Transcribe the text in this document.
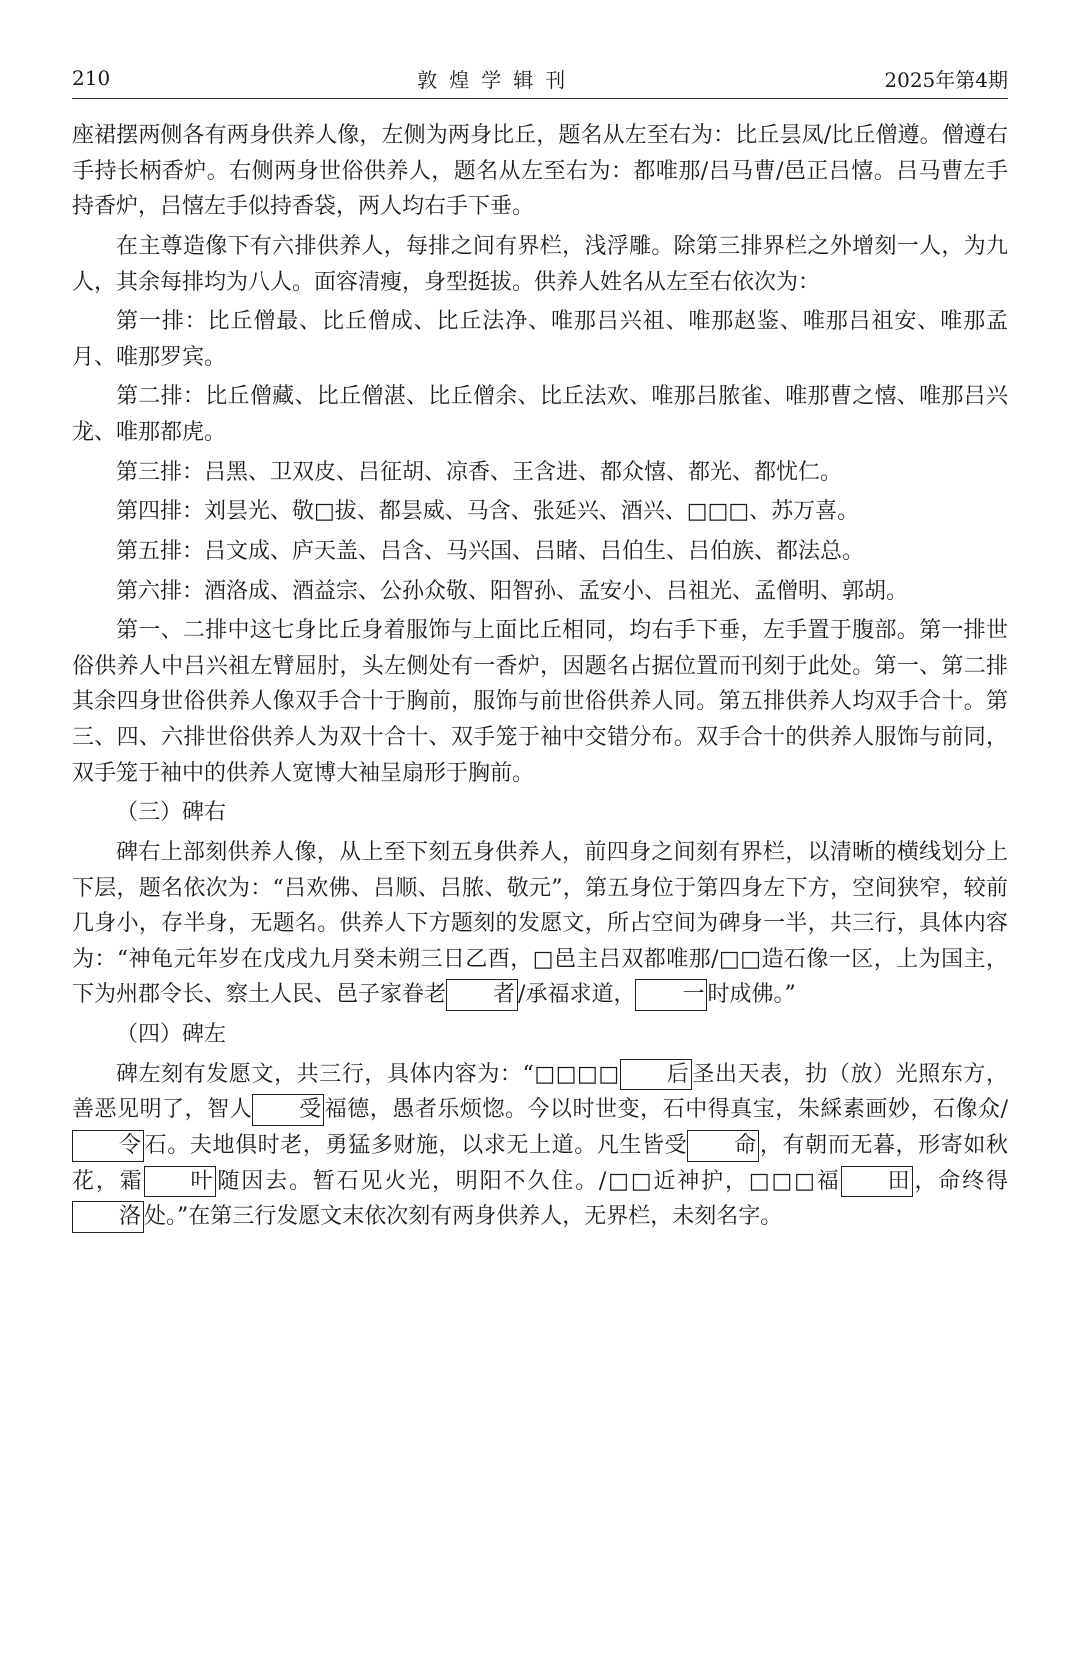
210	敦煌学辑刊	2025年第4期

座裙摆两侧各有两身供养人像，左侧为两身比丘，题名从左至右为：比丘昙凤/比丘僧遵。僧遵右手持长柄香炉。右侧两身世俗供养人，题名从左至右为：都唯那/吕马曹/邑正吕憘。吕马曹左手持香炉，吕憘左手似持香袋，两人均右手下垂。

在主尊造像下有六排供养人，每排之间有界栏，浅浮雕。除第三排界栏之外增刻一人，为九人，其余每排均为八人。面容清瘦，身型挺拔。供养人姓名从左至右依次为：

第一排：比丘僧最、比丘僧成、比丘法净、唯那吕兴祖、唯那赵鉴、唯那吕祖安、唯那孟月、唯那罗宾。

第二排：比丘僧藏、比丘僧湛、比丘僧余、比丘法欢、唯那吕脓雀、唯那曹之憘、唯那吕兴龙、唯那都虎。

第三排：吕黑、卫双皮、吕征胡、凉香、王含进、都众憘、都光、都忧仁。

第四排：刘昙光、敬□拔、都昙威、马含、张延兴、酒兴、□□□、苏万喜。

第五排：吕文成、庐天盖、吕含、马兴国、吕睹、吕伯生、吕伯族、都法总。

第六排：酒洛成、酒益宗、公孙众敬、阳智孙、孟安小、吕祖光、孟僧明、郭胡。

第一、二排中这七身比丘身着服饰与上面比丘相同，均右手下垂，左手置于腹部。第一排世俗供养人中吕兴祖左臂屈肘，头左侧处有一香炉，因题名占据位置而刊刻于此处。第一、第二排其余四身世俗供养人像双手合十于胸前，服饰与前世俗供养人同。第五排供养人均双手合十。第三、四、六排世俗供养人为双十合十、双手笼于袖中交错分布。双手合十的供养人服饰与前同，双手笼于袖中的供养人宽博大袖呈扇形于胸前。

（三）碑右

碑右上部刻供养人像，从上至下刻五身供养人，前四身之间刻有界栏，以清晰的横线划分上下层，题名依次为：“吕欢佛、吕顺、吕脓、敬元”，第五身位于第四身左下方，空间狭窄，较前几身小，存半身，无题名。供养人下方题刻的发愿文，所占空间为碑身一半，共三行，具体内容为：“神龟元年岁在戊戌九月癸未朔三日乙酉，□邑主吕双都唯那/□□造石像一区，上为国主，下为州郡令长、察土人民、邑子家眷老 者 /承福求道， 一 时成佛。”

（四）碑左

碑左刻有发愿文，共三行，具体内容为：“□□□□ 后 圣出天表，扐（放）光照东方，善恶见明了，智人 受 福德，愚者乐烦惚。今以时世变，石中得真宝，朱綵素画妙，石像众/令 石。夫地俱时老，勇猛多财施，以求无上道。凡生皆受 命 ，有朝而无暮，形寄如秋花，霜 叶 随因去。暂石见火光，明阳不久住。/□□近神护，□□□福 田 ，命终得洛 处。”在第三行发愿文末依次刻有两身供养人，无界栏，未刻名字。
